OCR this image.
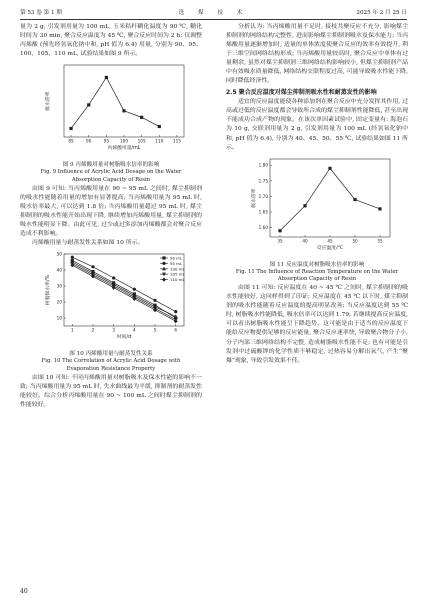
第 53 卷 第 1 期	选 煤 技 术	2025 年 2 月 25 日

量为 2 g, 引发剂用量为 100 mL, 玉米秸秆糊化温度为 90 ℃, 糊化时间为 30 min, 聚合反应温度为 45 ℃, 聚合反应时间为 2 h; 仅调整丙烯酸 (预先经氢氧化钠中和, pH 值为 6.4) 用量, 分别为 90、95、100、105、110 mL, 试验结果如图 9 所示。

85	90	95	100 105 110 115
丙烯酸用量/mL
吸水倍率
图 9 丙烯酸用量对树脂吸水倍率的影响
Fig. 9 Influence of Acrylic Acid Dosage on the Water Absorption Capacity of Resin

由图 9 可知: 当丙烯酸用量在 90 ~ 95 mL 之间时, 煤尘抑制剂的吸水性能随着用量的增加有显著提高; 当丙烯酸用量为 95 mL 时, 吸水倍率最大, 可以达到 1.8 倍; 当丙烯酸用量超过 95 mL 时, 煤尘抑制剂的吸水性能开始出现下降, 继续增加丙烯酸用量, 煤尘抑制剂的吸水性能明显下降。由此可见, 过少或过多添加丙烯酸都会对聚合反应造成不利影响。

丙烯酸用量与耐蒸发性关系如图 10 所示。

1	2	3	4	5	6
10
20
30
40
50
时间/d
树脂保水率/%
90 mL
95 mL
100 mL
105 mL
110 mL
图 10 丙烯酸用量与耐蒸发性关系
Fig. 10 The Correlation of Acrylic Acid Dosage with Evaporation Resistance Property

由图 10 可知: 不同丙烯酸用量对树脂吸水及保水性能的影响不一致; 当丙烯酸用量为 95 mL 时, 失水曲线最为平缓, 抑制剂的耐蒸发性能较好。综合分析丙烯酸用量在 90 ~ 100 mL 之间时煤尘抑制剂的性能较好。

分析认为: 当丙烯酸用量不足时, 接枝共聚反应不充分, 影响煤尘抑制剂的网络结构完整性, 进而影响煤尘抑制剂吸水及保水能力; 当丙烯酸用量逐渐增加时, 适量的单体浓度使聚合反应的效率有效提升, 利于三维空间网络结构形成; 当丙烯酸用量较高时, 聚合反应中单体有过量剩余, 虽然对煤尘抑制剂三维网络结构影响较小, 但煤尘抑制剂产品中有效吸水质量降低, 网络结构交联程度过高, 可能导致吸水性能下降, 同时降低经济性。

2.5 聚合反应温度对煤尘抑制剂吸水性和耐蒸发性的影响

适宜的反应温度能使各种添加剂在聚合反应中充分发挥其作用, 过高或过低的反应温度都会导致所合成的煤尘抑制剂性能降低, 甚至出现不能成功合成产物的现象。在该次单因素试验中, 固定变量有: 海泡石为 10 g, 交联剂用量为 2 g, 引发剂用量为 100 mL (经氢氧化钠中和, pH 值为 6.4), 分别为 40、45、50、55 ℃, 试验结果如图 11 所示。

35	40	45	50	55
1.60
1.65
1.70
1.75
1.80
反应温度/℃
吸水倍率
图 11 反应温度对树脂吸水倍率的影响
Fig. 11 The Influence of Reaction Temperature on the Water Absorption Capacity of Resin

由图 11 可知: 反应温度在 40 ~ 45 ℃ 之间时, 煤尘抑制剂的吸水性能较好, 这同样得到了印证; 反应温度在 45 ℃ 以下时, 煤尘抑制剂的吸水性能随着反应温度的提高明显改善; 当反应温度达到 55 ℃ 时, 树脂吸水性能降低, 吸水倍率可以达到 1.79; 若继续提高反应温度, 可以看出树脂吸水性能呈下降趋势。这可能是由于适当的反应温度下能给反应物提供足够的反应能量, 聚合反应速率快, 导致聚合物分子小, 分子内部三维网络结构不完整, 造成树脂吸水性能不足; 也有可能是引发剂中过硫酸钾的化学性质不够稳定, 过热容易分解出氧气, 产生“聚爆”现象, 导致引发效果不佳。

40
